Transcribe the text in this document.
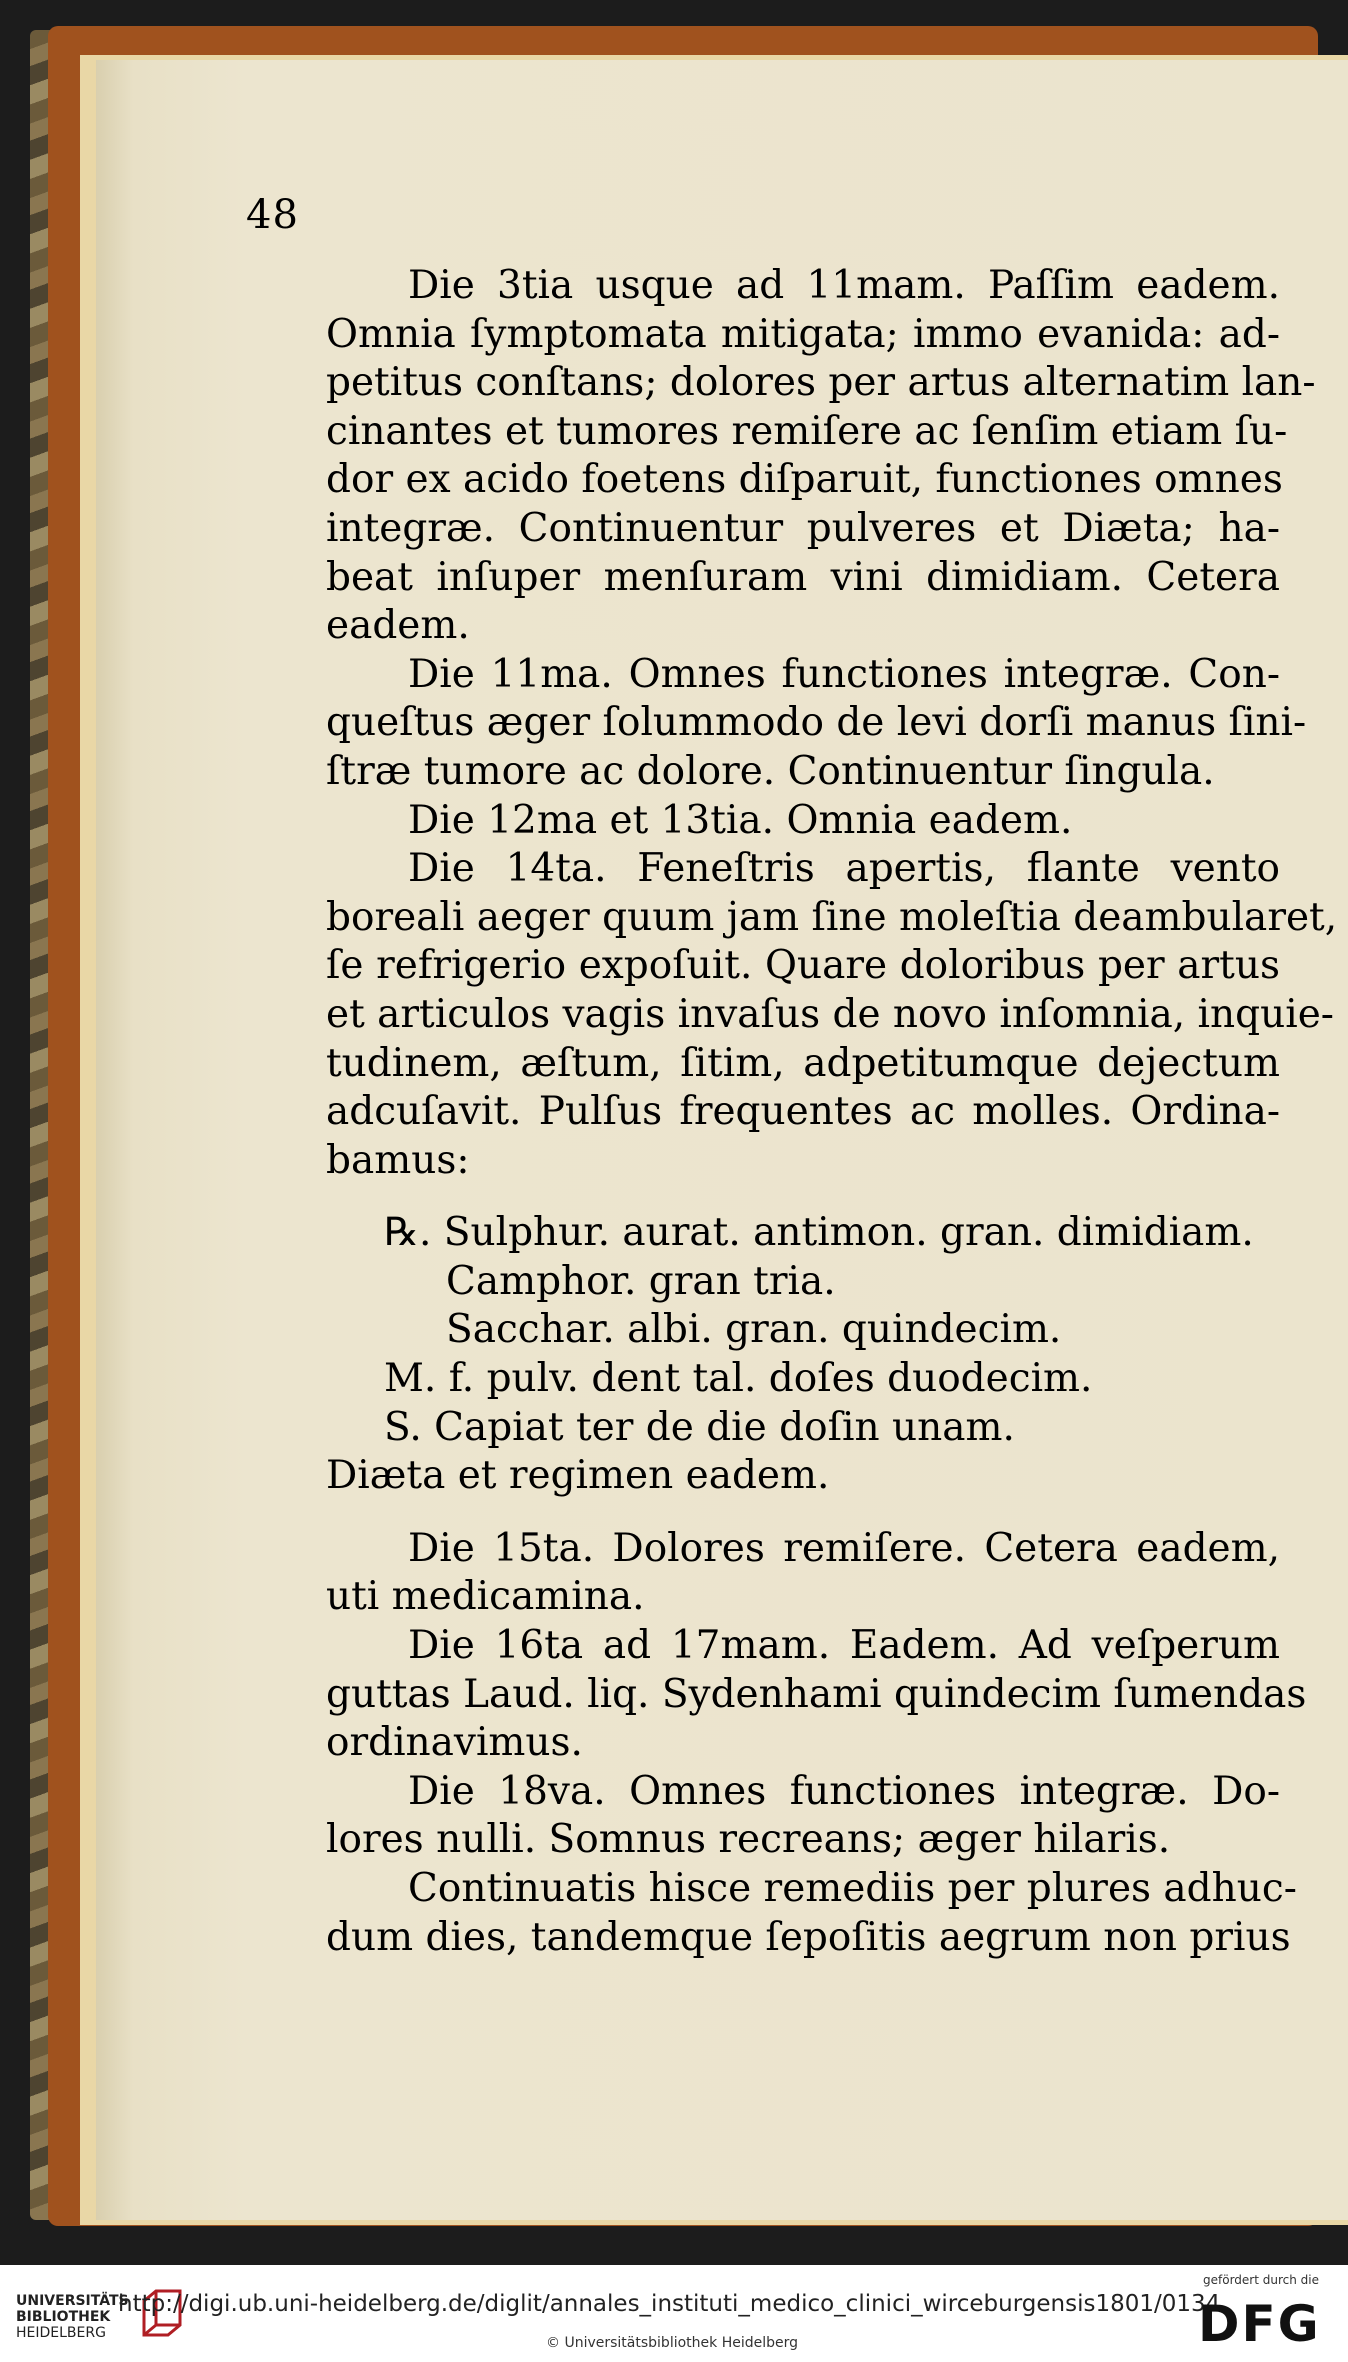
48
Die 3tia usque ad 11mam. Paſſim eadem.
Omnia ſymptomata mitigata; immo evanida: ad-
petitus conſtans; dolores per artus alternatim lan-
cinantes et tumores remiſere ac ſenſim etiam ſu-
dor ex acido foetens diſparuit, functiones omnes
integræ. Continuentur pulveres et Diæta; ha-
beat inſuper menſuram vini dimidiam. Cetera
eadem.
Die 11ma. Omnes functiones integræ. Con-
queſtus æger ſolummodo de levi dorſi manus ſini-
ſtræ tumore ac dolore. Continuentur ſingula.
Die 12ma et 13tia. Omnia eadem.
Die 14ta. Feneſtris apertis, flante vento
boreali aeger quum jam ſine moleſtia deambularet,
ſe refrigerio expoſuit. Quare doloribus per artus
et articulos vagis invaſus de novo inſomnia, inquie-
tudinem, æſtum, ſitim, adpetitumque dejectum
adcuſavit. Pulſus frequentes ac molles. Ordina-
bamus:
℞. Sulphur. aurat. antimon. gran. dimidiam.
Camphor. gran tria.
Sacchar. albi. gran. quindecim.
M. f. pulv. dent tal. doſes duodecim.
S. Capiat ter de die doſin unam.
Diæta et regimen eadem.
Die 15ta. Dolores remiſere. Cetera eadem,
uti medicamina.
Die 16ta ad 17mam. Eadem. Ad veſperum
guttas Laud. liq. Sydenhami quindecim ſumendas
ordinavimus.
Die 18va. Omnes functiones integræ. Do-
lores nulli. Somnus recreans; æger hilaris.
Continuatis hisce remediis per plures adhuc-
dum dies, tandemque ſepoſitis aegrum non prius
UNIVERSITÄTS
BIBLIOTHEK
HEIDELBERG
http://digi.ub.uni-heidelberg.de/diglit/annales_instituti_medico_clinici_wirceburgensis1801/0134
© Universitätsbibliothek Heidelberg
gefördert durch die
DFG
